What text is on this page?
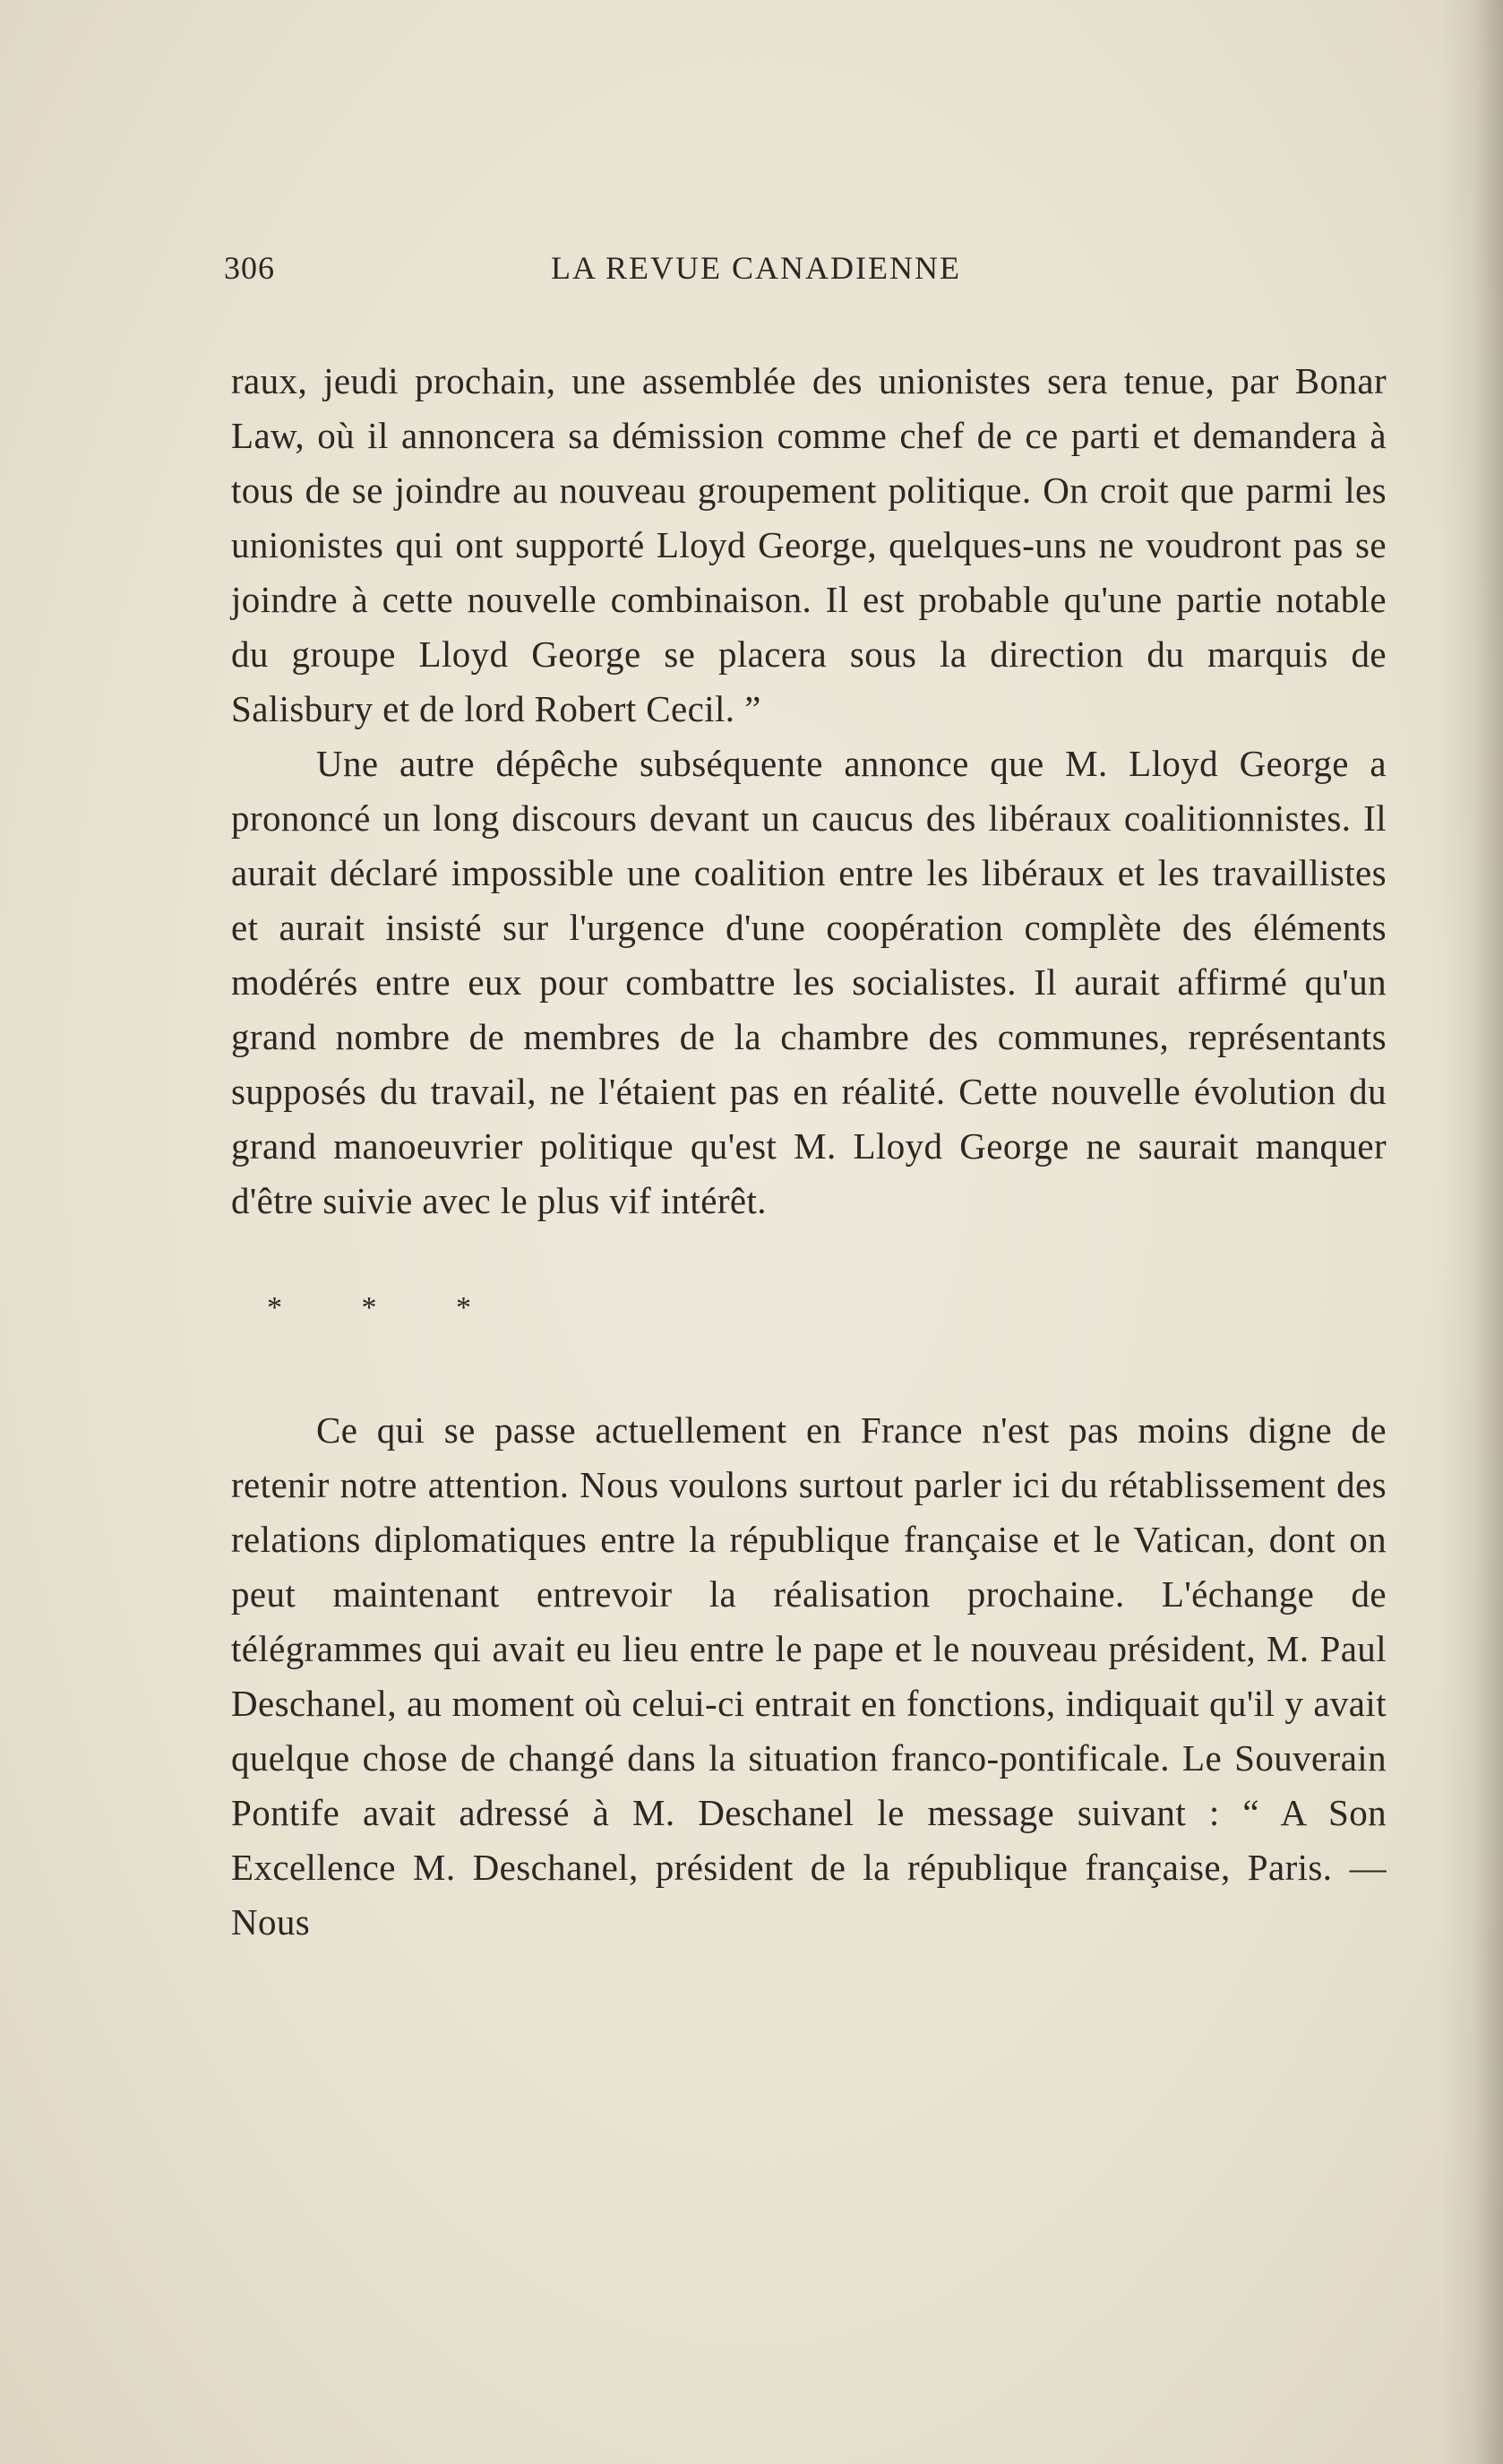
306	LA REVUE CANADIENNE

raux, jeudi prochain, une assemblée des unionistes sera tenue, par Bonar Law, où il annoncera sa démission comme chef de ce parti et demandera à tous de se joindre au nouveau groupement politique. On croit que parmi les unionistes qui ont supporté Lloyd George, quelques-uns ne voudront pas se joindre à cette nouvelle combinaison. Il est probable qu'une partie notable du groupe Lloyd George se placera sous la direction du marquis de Salisbury et de lord Robert Cecil. ”

Une autre dépêche subséquente annonce que M. Lloyd George a prononcé un long discours devant un caucus des libéraux coalitionnistes. Il aurait déclaré impossible une coalition entre les libéraux et les travaillistes et aurait insisté sur l'urgence d'une coopération complète des éléments modérés entre eux pour combattre les socialistes. Il aurait affirmé qu'un grand nombre de membres de la chambre des communes, représentants supposés du travail, ne l'étaient pas en réalité. Cette nouvelle évolution du grand manoeuvrier politique qu'est M. Lloyd George ne saurait manquer d'être suivie avec le plus vif intérêt.

* * *

Ce qui se passe actuellement en France n'est pas moins digne de retenir notre attention. Nous voulons surtout parler ici du rétablissement des relations diplomatiques entre la république française et le Vatican, dont on peut maintenant entrevoir la réalisation prochaine. L'échange de télégrammes qui avait eu lieu entre le pape et le nouveau président, M. Paul Deschanel, au moment où celui-ci entrait en fonctions, indiquait qu'il y avait quelque chose de changé dans la situation franco-pontificale. Le Souverain Pontife avait adressé à M. Deschanel le message suivant : “ A Son Excellence M. Deschanel, président de la république française, Paris. — Nous
